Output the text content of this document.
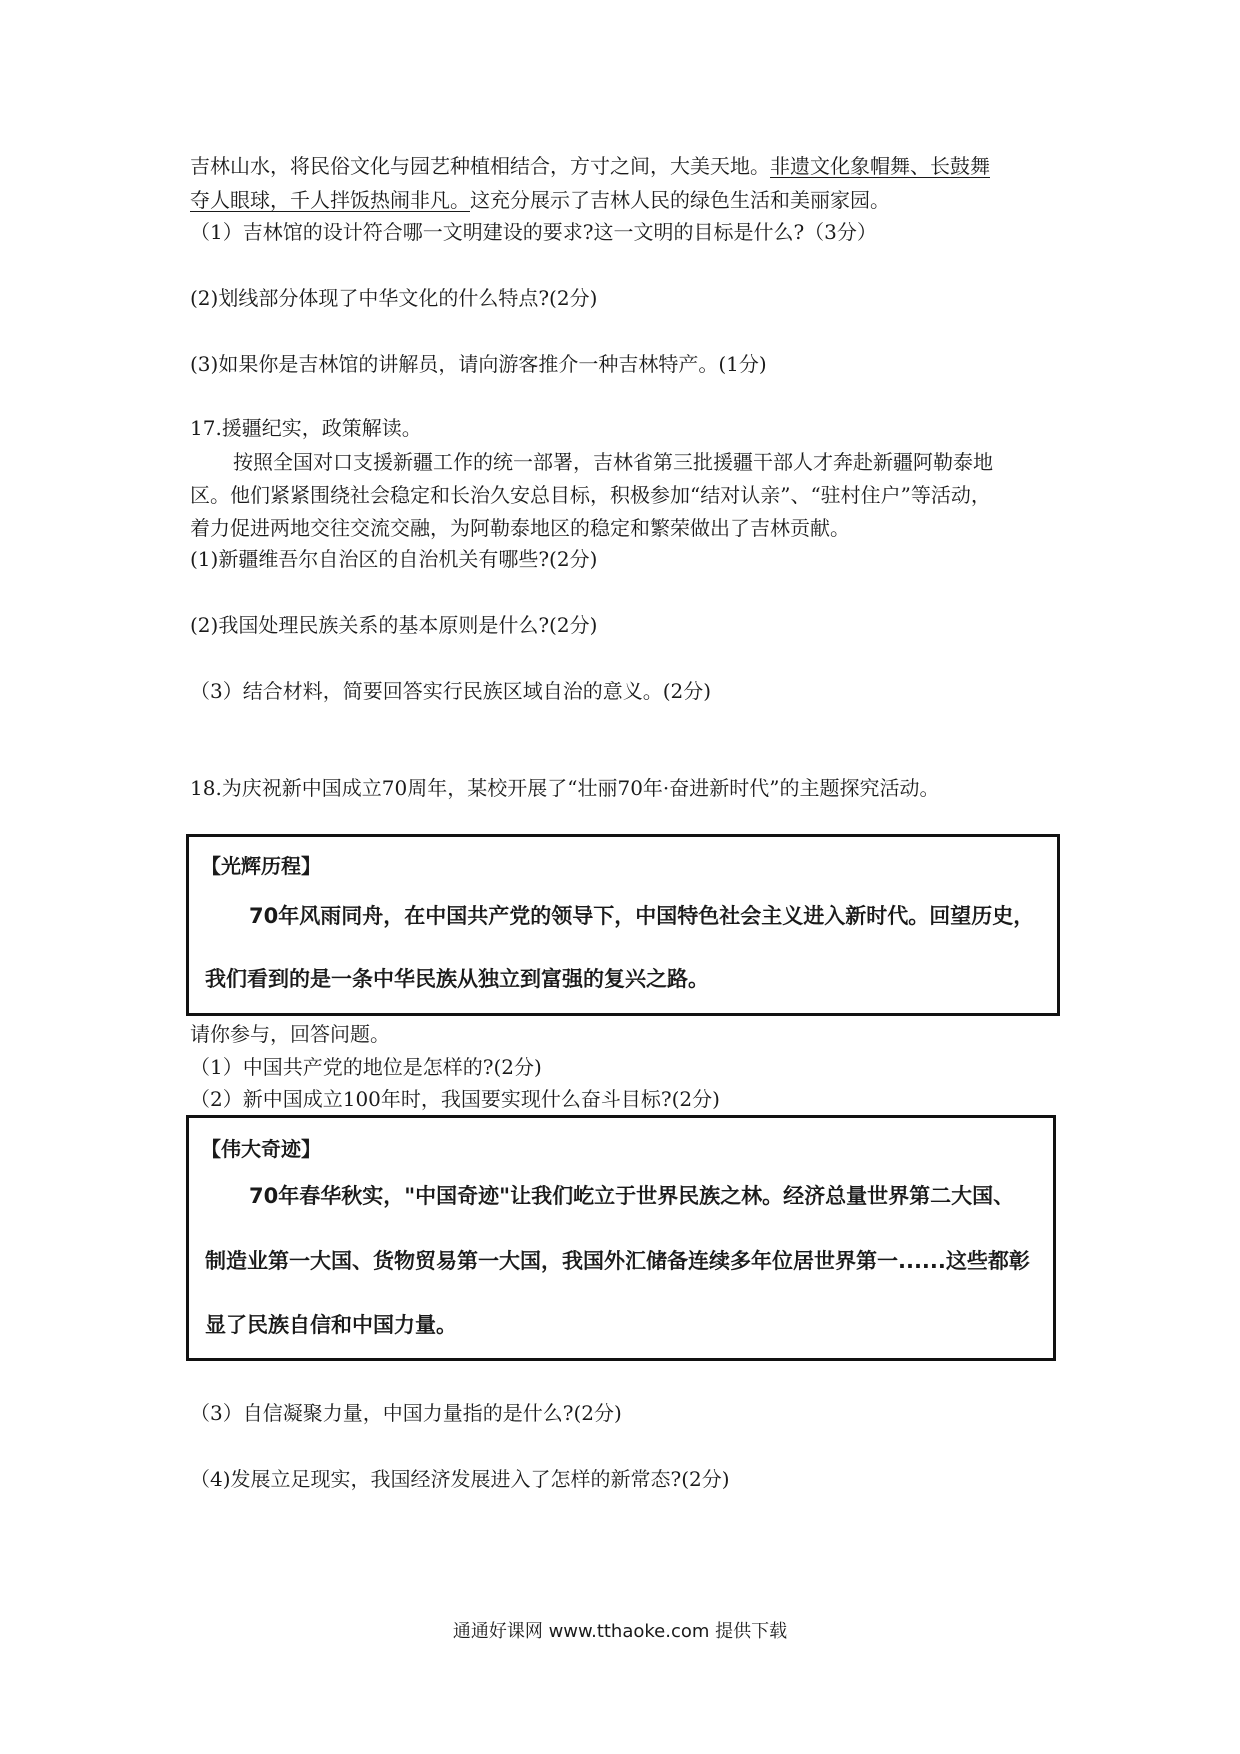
吉林山水，将民俗文化与园艺种植相结合，方寸之间，大美天地。非遗文化象帽舞、长鼓舞
夺人眼球，千人拌饭热闹非凡。这充分展示了吉林人民的绿色生活和美丽家园。
（1）吉林馆的设计符合哪一文明建设的要求?这一文明的目标是什么?（3分）
(2)划线部分体现了中华文化的什么特点?(2分)
(3)如果你是吉林馆的讲解员，请向游客推介一种吉林特产。(1分)
17.援疆纪实，政策解读。
按照全国对口支援新疆工作的统一部署，吉林省第三批援疆干部人才奔赴新疆阿勒泰地
区。他们紧紧围绕社会稳定和长治久安总目标，积极参加“结对认亲”、“驻村住户”等活动，
着力促进两地交往交流交融，为阿勒泰地区的稳定和繁荣做出了吉林贡献。
(1)新疆维吾尔自治区的自治机关有哪些?(2分)
(2)我国处理民族关系的基本原则是什么?(2分)
（3）结合材料，简要回答实行民族区域自治的意义。(2分)
18.为庆祝新中国成立70周年，某校开展了“壮丽70年·奋进新时代”的主题探究活动。
【光辉历程】
70年风雨同舟，在中国共产党的领导下，中国特色社会主义进入新时代。回望历史，
我们看到的是一条中华民族从独立到富强的复兴之路。
请你参与，回答问题。
（1）中国共产党的地位是怎样的?(2分)
（2）新中国成立100年时，我国要实现什么奋斗目标?(2分)
【伟大奇迹】
70年春华秋实，"中国奇迹"让我们屹立于世界民族之林。经济总量世界第二大国、
制造业第一大国、货物贸易第一大国，我国外汇储备连续多年位居世界第一......这些都彰
显了民族自信和中国力量。
（3）自信凝聚力量，中国力量指的是什么?(2分)
（4)发展立足现实，我国经济发展进入了怎样的新常态?(2分)
通通好课网 www.tthaoke.com 提供下载
